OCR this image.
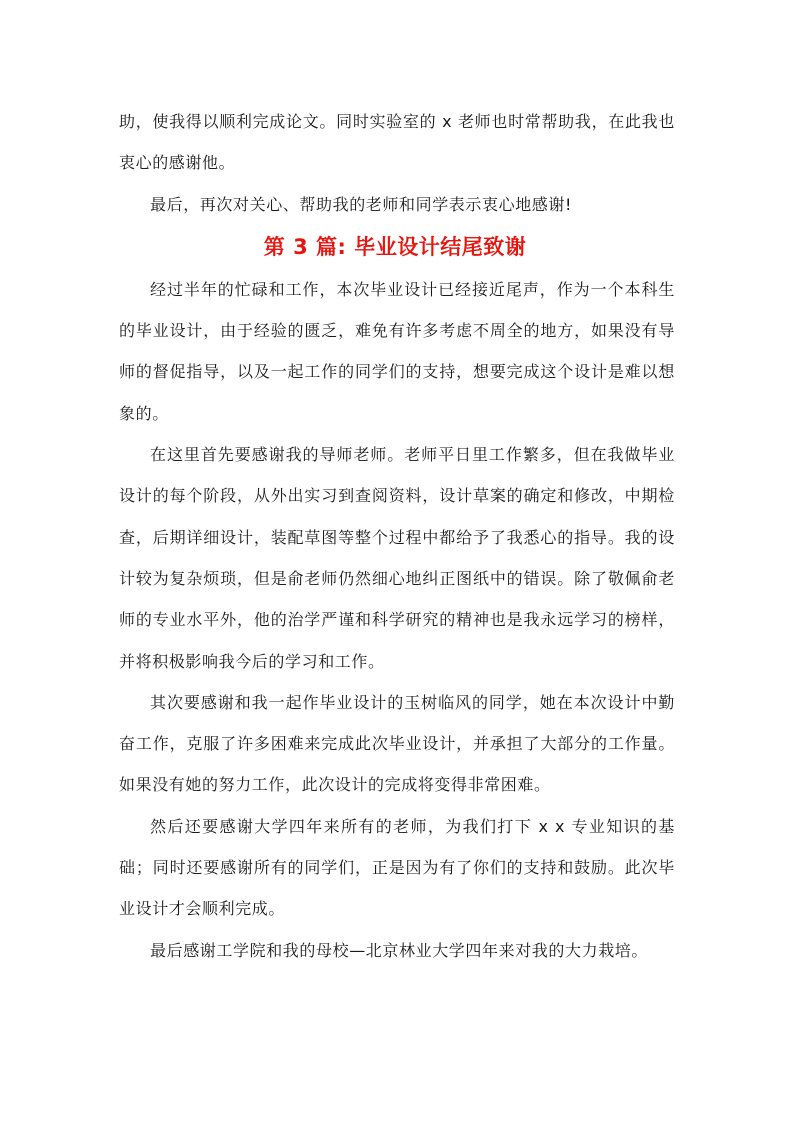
助，使我得以顺利完成论文。同时实验室的 x 老师也时常帮助我，在此我也衷心的感谢他。

最后，再次对关心、帮助我的老师和同学表示衷心地感谢!

第 3 篇: 毕业设计结尾致谢

经过半年的忙碌和工作，本次毕业设计已经接近尾声，作为一个本科生的毕业设计，由于经验的匮乏，难免有许多考虑不周全的地方，如果没有导师的督促指导，以及一起工作的同学们的支持，想要完成这个设计是难以想象的。

在这里首先要感谢我的导师老师。老师平日里工作繁多，但在我做毕业设计的每个阶段，从外出实习到查阅资料，设计草案的确定和修改，中期检查，后期详细设计，装配草图等整个过程中都给予了我悉心的指导。我的设计较为复杂烦琐，但是俞老师仍然细心地纠正图纸中的错误。除了敬佩俞老师的专业水平外，他的治学严谨和科学研究的精神也是我永远学习的榜样，并将积极影响我今后的学习和工作。

其次要感谢和我一起作毕业设计的玉树临风的同学，她在本次设计中勤奋工作，克服了许多困难来完成此次毕业设计，并承担了大部分的工作量。如果没有她的努力工作，此次设计的完成将变得非常困难。

然后还要感谢大学四年来所有的老师，为我们打下 x x 专业知识的基础；同时还要感谢所有的同学们，正是因为有了你们的支持和鼓励。此次毕业设计才会顺利完成。

最后感谢工学院和我的母校—北京林业大学四年来对我的大力栽培。
